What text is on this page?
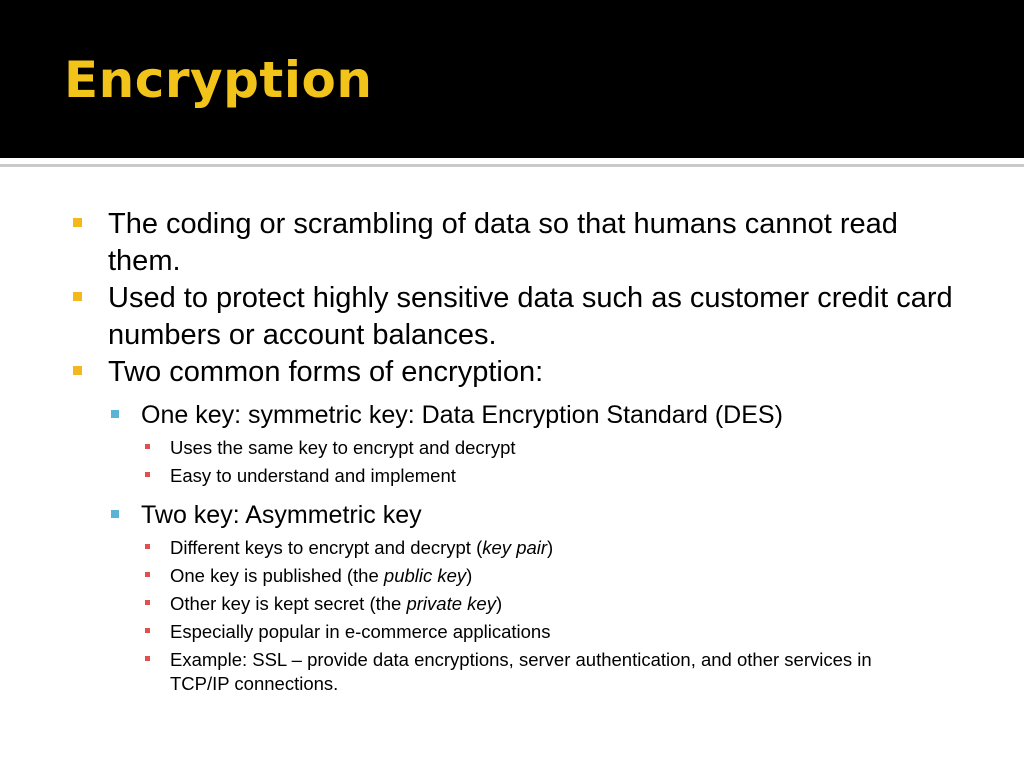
Encryption
The coding or scrambling of data so that humans cannot read them.
Used to protect highly sensitive data such as customer credit card numbers or account balances.
Two common forms of encryption:
One key: symmetric key: Data Encryption Standard (DES)
Uses the same key to encrypt and decrypt
Easy to understand and implement
Two key: Asymmetric key
Different keys to encrypt and decrypt (key pair)
One key is published (the public key)
Other key is kept secret (the private key)
Especially popular in e-commerce applications
Example: SSL – provide data encryptions, server authentication, and other services in TCP/IP connections.
